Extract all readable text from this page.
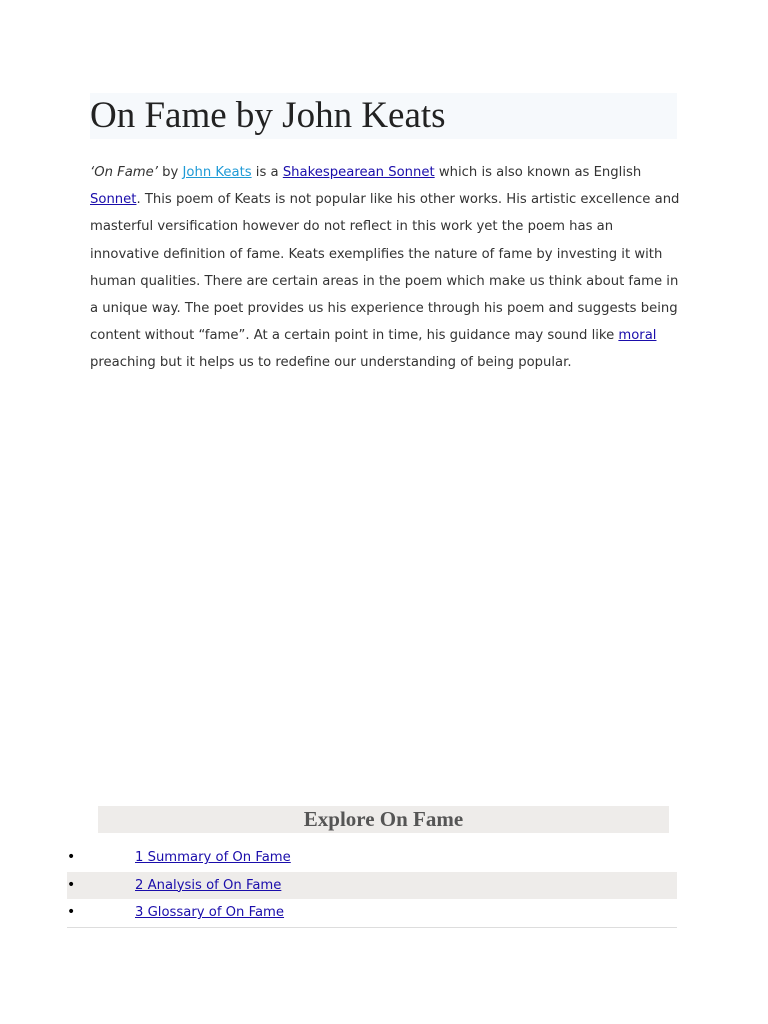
On Fame by John Keats

‘On Fame’ by John Keats is a Shakespearean Sonnet which is also known as English Sonnet. This poem of Keats is not popular like his other works. His artistic excellence and masterful versification however do not reflect in this work yet the poem has an innovative definition of fame. Keats exemplifies the nature of fame by investing it with human qualities. There are certain areas in the poem which make us think about fame in a unique way. The poet provides us his experience through his poem and suggests being content without “fame”. At a certain point in time, his guidance may sound like moral preaching but it helps us to redefine our understanding of being popular.

Explore On Fame
•	1 Summary of On Fame
•	2 Analysis of On Fame
•	3 Glossary of On Fame
